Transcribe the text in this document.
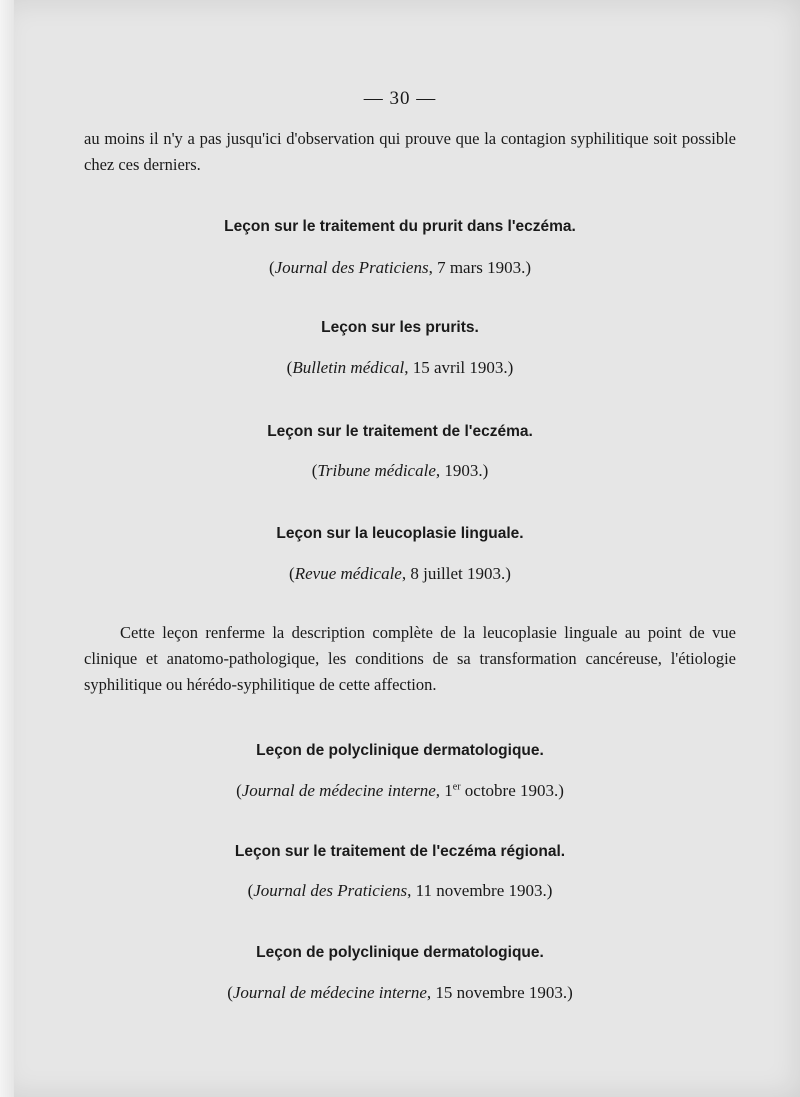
— 30 —
au moins il n'y a pas jusqu'ici d'observation qui prouve que la contagion syphilitique soit possible chez ces derniers.
Leçon sur le traitement du prurit dans l'eczéma.
(Journal des Praticiens, 7 mars 1903.)
Leçon sur les prurits.
(Bulletin médical, 15 avril 1903.)
Leçon sur le traitement de l'eczéma.
(Tribune médicale, 1903.)
Leçon sur la leucoplasie linguale.
(Revue médicale, 8 juillet 1903.)
Cette leçon renferme la description complète de la leucoplasie linguale au point de vue clinique et anatomo-pathologique, les conditions de sa transformation cancéreuse, l'étiologie syphilitique ou hérédo-syphilitique de cette affection.
Leçon de polyclinique dermatologique.
(Journal de médecine interne, 1er octobre 1903.)
Leçon sur le traitement de l'eczéma régional.
(Journal des Praticiens, 11 novembre 1903.)
Leçon de polyclinique dermatologique.
(Journal de médecine interne, 15 novembre 1903.)
